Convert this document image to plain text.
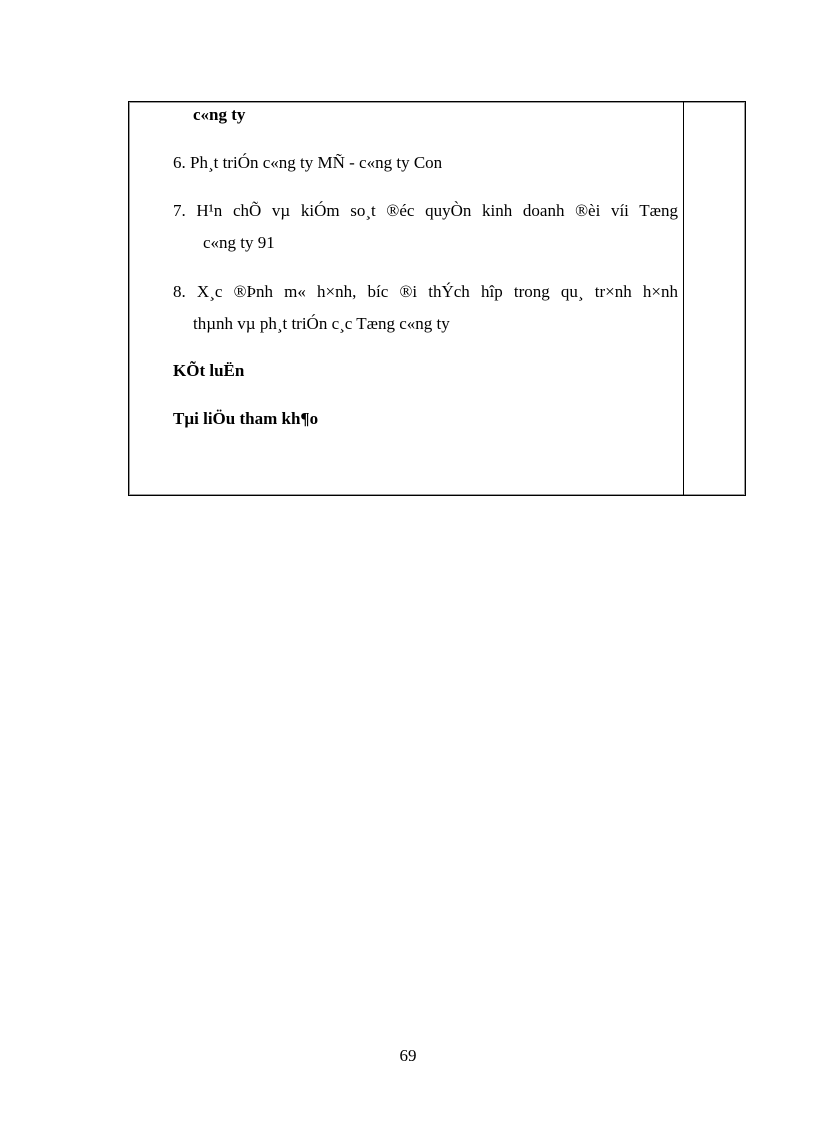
c«ng ty
6. Ph¸t triÓn c«ng ty MÑ - c«ng ty Con
7. H¹n chÕ vµ kiÓm so¸t ®éc quyÒn kinh doanh ®èi víi Tæng
c«ng ty 91
8. X¸c ®Þnh m« h×nh, bíc ®i thÝch hîp trong qu¸ tr×nh h×nh
thµnh vµ ph¸t triÓn c¸c Tæng c«ng ty
KÕt luËn
Tµi liÖu tham kh¶o
69
